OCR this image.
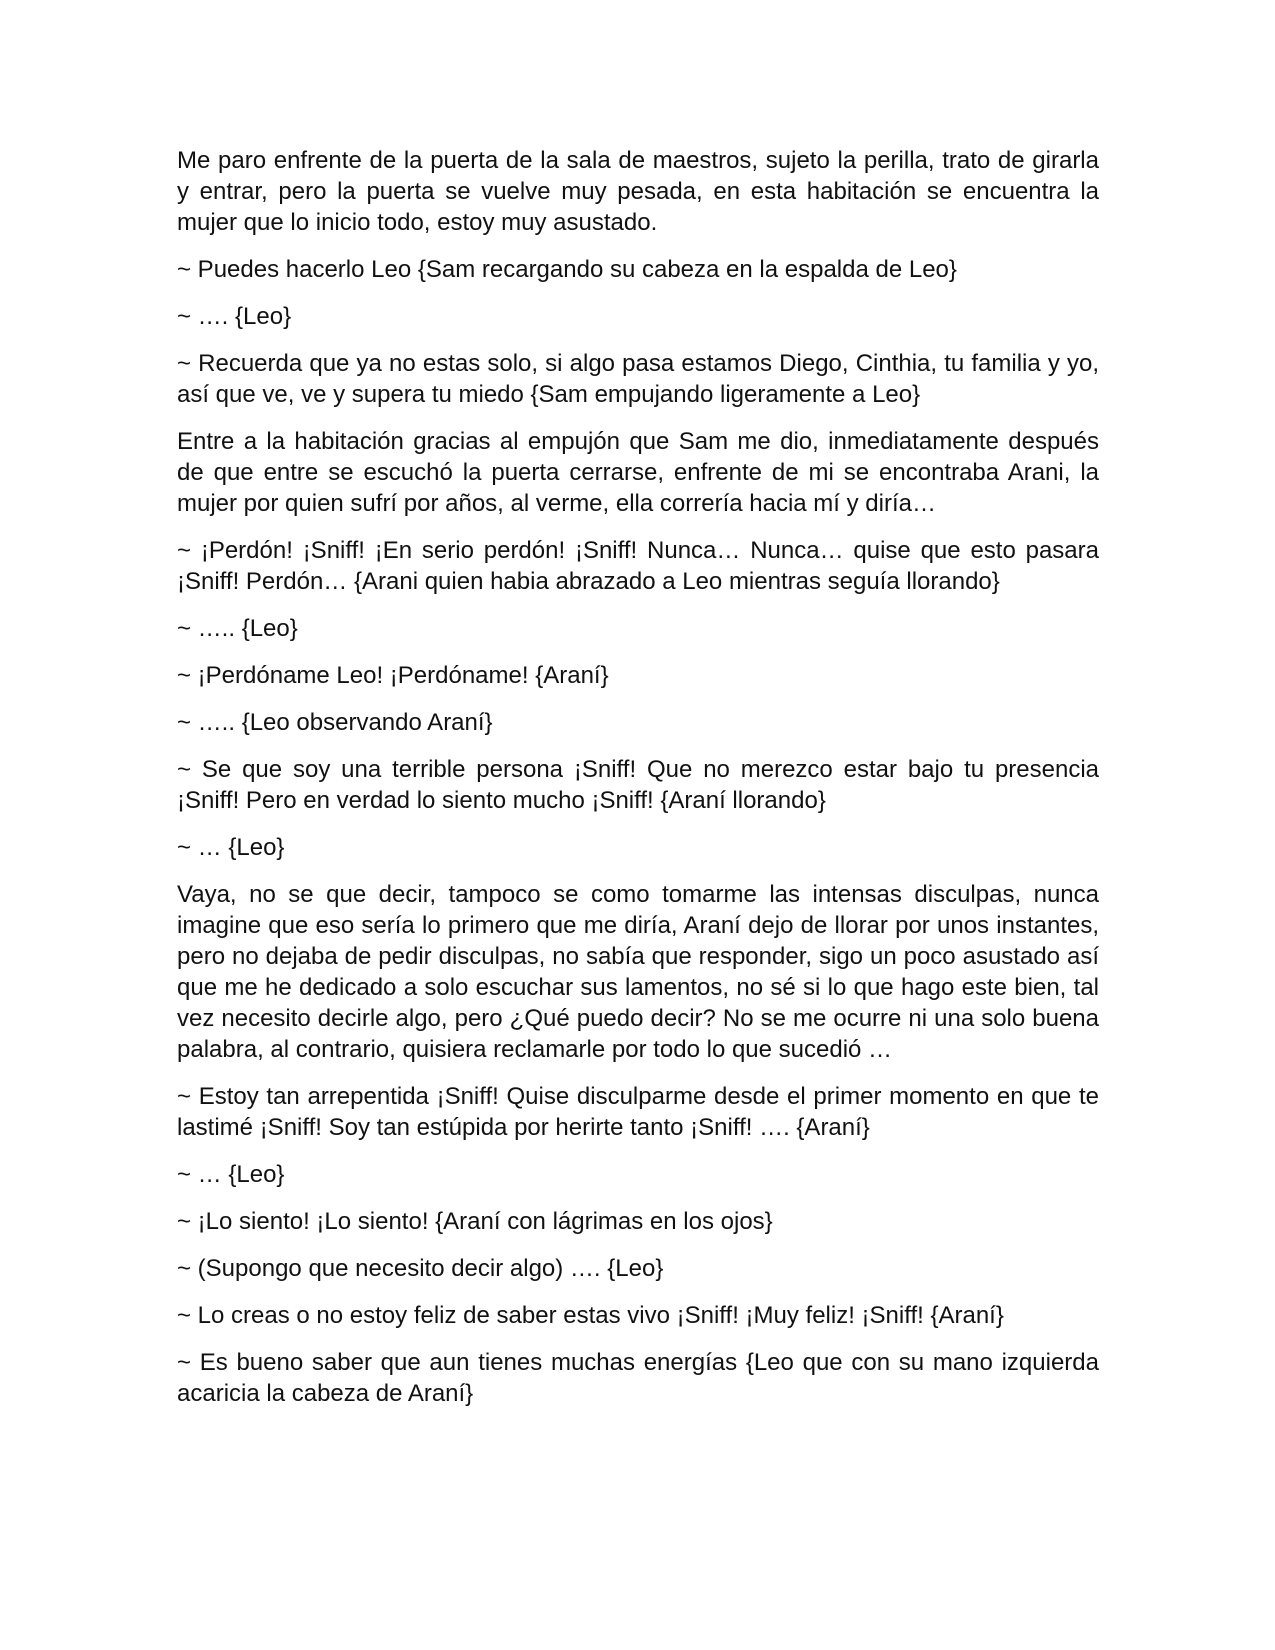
Me paro enfrente de la puerta de la sala de maestros, sujeto la perilla, trato de girarla y entrar, pero la puerta se vuelve muy pesada, en esta habitación se encuentra la mujer que lo inicio todo, estoy muy asustado.

~ Puedes hacerlo Leo {Sam recargando su cabeza en la espalda de Leo}

~ …. {Leo}

~ Recuerda que ya no estas solo, si algo pasa estamos Diego, Cinthia, tu familia y yo, así que ve, ve y supera tu miedo {Sam empujando ligeramente a Leo}

Entre a la habitación gracias al empujón que Sam me dio, inmediatamente después de que entre se escuchó la puerta cerrarse, enfrente de mi se encontraba Arani, la mujer por quien sufrí por años, al verme, ella correría hacia mí y diría…

~ ¡Perdón! ¡Sniff! ¡En serio perdón! ¡Sniff! Nunca… Nunca… quise que esto pasara ¡Sniff! Perdón… {Arani quien habia abrazado a Leo mientras seguía llorando}

~ ….. {Leo}

~ ¡Perdóname Leo! ¡Perdóname! {Araní}

~ ….. {Leo observando Araní}

~ Se que soy una terrible persona ¡Sniff! Que no merezco estar bajo tu presencia ¡Sniff! Pero en verdad lo siento mucho ¡Sniff! {Araní llorando}

~ … {Leo}

Vaya, no se que decir, tampoco se como tomarme las intensas disculpas, nunca imagine que eso sería lo primero que me diría, Araní dejo de llorar por unos instantes, pero no dejaba de pedir disculpas, no sabía que responder, sigo un poco asustado así que me he dedicado a solo escuchar sus lamentos, no sé si lo que hago este bien, tal vez necesito decirle algo, pero ¿Qué puedo decir? No se me ocurre ni una solo buena palabra, al contrario, quisiera reclamarle por todo lo que sucedió …

~ Estoy tan arrepentida ¡Sniff! Quise disculparme desde el primer momento en que te lastimé ¡Sniff! Soy tan estúpida por herirte tanto ¡Sniff! …. {Araní}

~ … {Leo}

~ ¡Lo siento! ¡Lo siento! {Araní con lágrimas en los ojos}

~ (Supongo que necesito decir algo) …. {Leo}

~ Lo creas o no estoy feliz de saber estas vivo ¡Sniff! ¡Muy feliz! ¡Sniff! {Araní}

~ Es bueno saber que aun tienes muchas energías {Leo que con su mano izquierda acaricia la cabeza de Araní}
